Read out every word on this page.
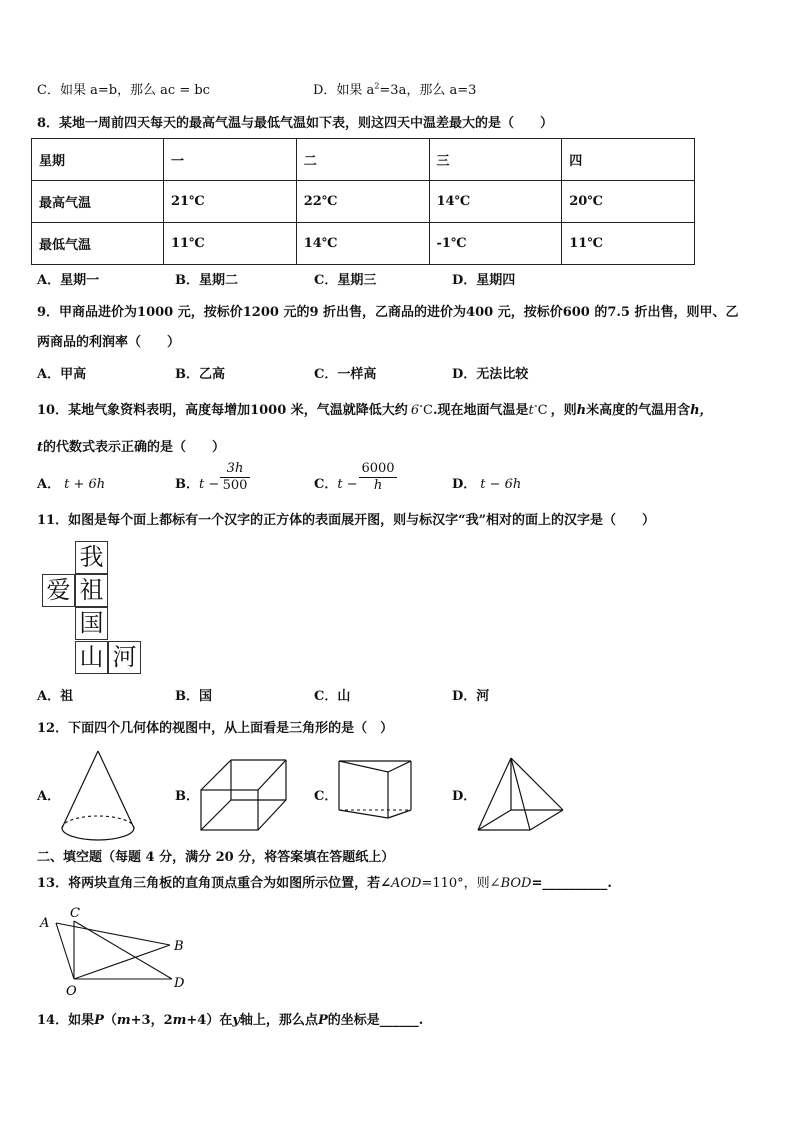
C．如果 a=b，那么 ac = bc	D．如果 $a^2=3a$，那么 a=3
8．某地一周前四天每天的最高气温与最低气温如下表，则这四天中温差最大的是（　　）
星期	一	二	三	四
最高气温	21℃	22℃	14℃	20℃
最低气温	11℃	14℃	-1℃	11℃
A．星期一	B．星期二	C．星期三	D．星期四
9．甲商品进价为1000 元，按标价1200 元的9 折出售，乙商品的进价为400 元，按标价600 的7.5 折出售，则甲、乙
两商品的利润率（　　）
A．甲高	B．乙高	C．一样高	D．无法比较
10．某地气象资料表明，高度每增加1000 米，气温就降低大约 6∘C.现在地面气温是t∘C ，则h米高度的气温用含h，
t的代数式表示正确的是（　　）
A． t + 6h	B．$t - \frac{3h}{500}$	C．$t - \frac{6000}{h}$	D． t − 6h
11．如图是每个面上都标有一个汉字的正方体的表面展开图，则与标汉字“我”相对的面上的汉字是（　　）
我
爱 祖
国
山 河
A．祖	B．国	C．山	D．河
12．下面四个几何体的视图中，从上面看是三角形的是（　）
A．	B．	C．	D．
二、填空题（每题 4 分，满分 20 分，将答案填在答题纸上）
13．将两块直角三角板的直角顶点重合为如图所示位置，若∠AOD=110°，则∠BOD=__________.
A
C
B
D
O
14．如果P（m+3，2m+4）在y轴上，那么点P的坐标是______.
